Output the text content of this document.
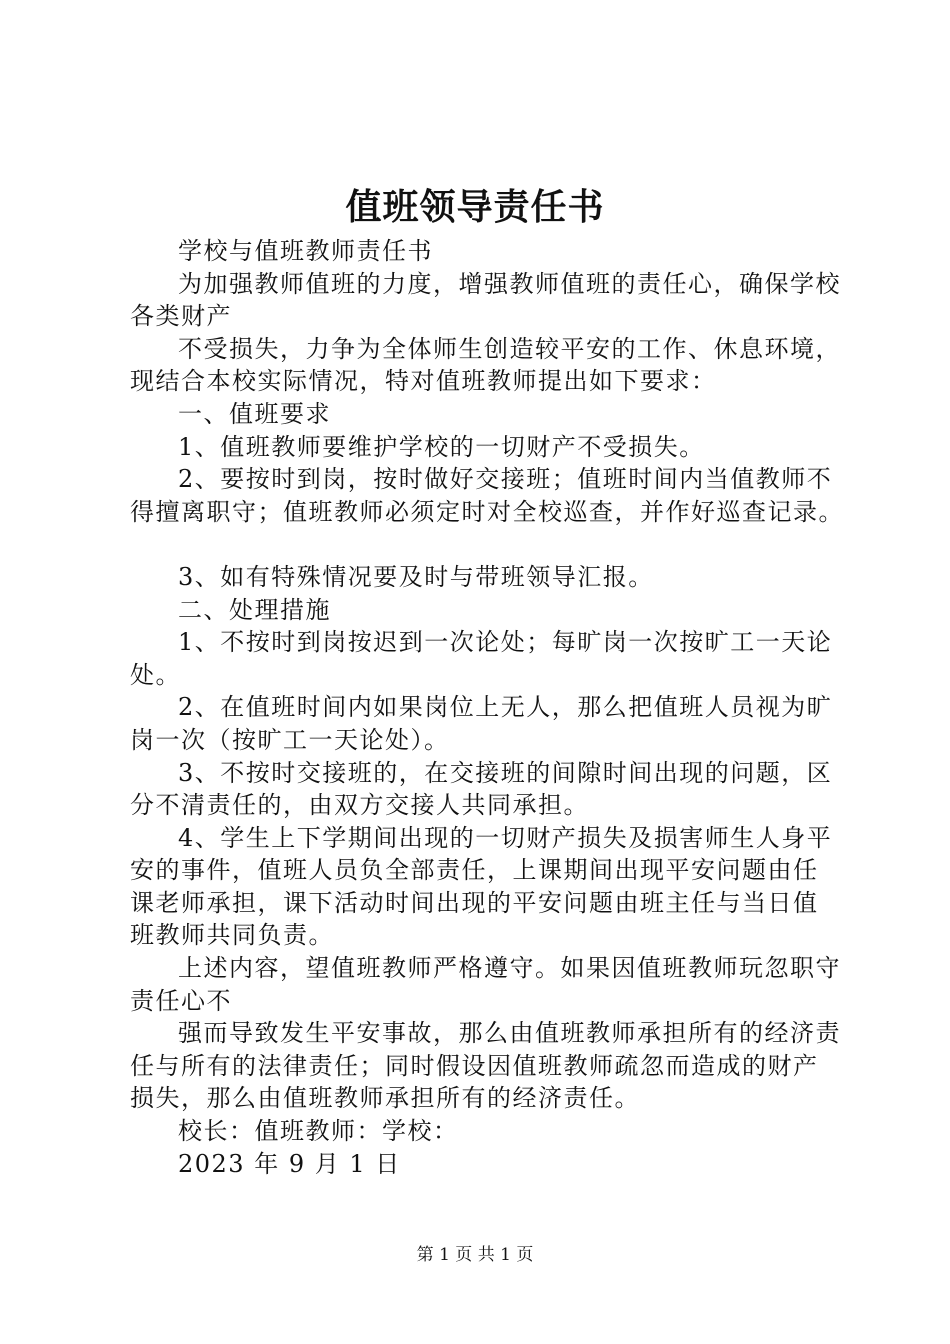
值班领导责任书
学校与值班教师责任书
为加强教师值班的力度，增强教师值班的责任心，确保学校
各类财产
不受损失，力争为全体师生创造较平安的工作、休息环境，
现结合本校实际情况，特对值班教师提出如下要求：
一、值班要求
1、值班教师要维护学校的一切财产不受损失。
2、要按时到岗，按时做好交接班；值班时间内当值教师不
得擅离职守；值班教师必须定时对全校巡查，并作好巡查记录。
3、如有特殊情况要及时与带班领导汇报。
二、处理措施
1、不按时到岗按迟到一次论处；每旷岗一次按旷工一天论
处。
2、在值班时间内如果岗位上无人，那么把值班人员视为旷
岗一次（按旷工一天论处）。
3、不按时交接班的，在交接班的间隙时间出现的问题，区
分不清责任的，由双方交接人共同承担。
4、学生上下学期间出现的一切财产损失及损害师生人身平
安的事件，值班人员负全部责任，上课期间出现平安问题由任
课老师承担，课下活动时间出现的平安问题由班主任与当日值
班教师共同负责。
上述内容，望值班教师严格遵守。如果因值班教师玩忽职守
责任心不
强而导致发生平安事故，那么由值班教师承担所有的经济责
任与所有的法律责任；同时假设因值班教师疏忽而造成的财产
损失，那么由值班教师承担所有的经济责任。
校长：值班教师：学校：
2023 年 9 月 1 日
第 1 页 共 1 页
